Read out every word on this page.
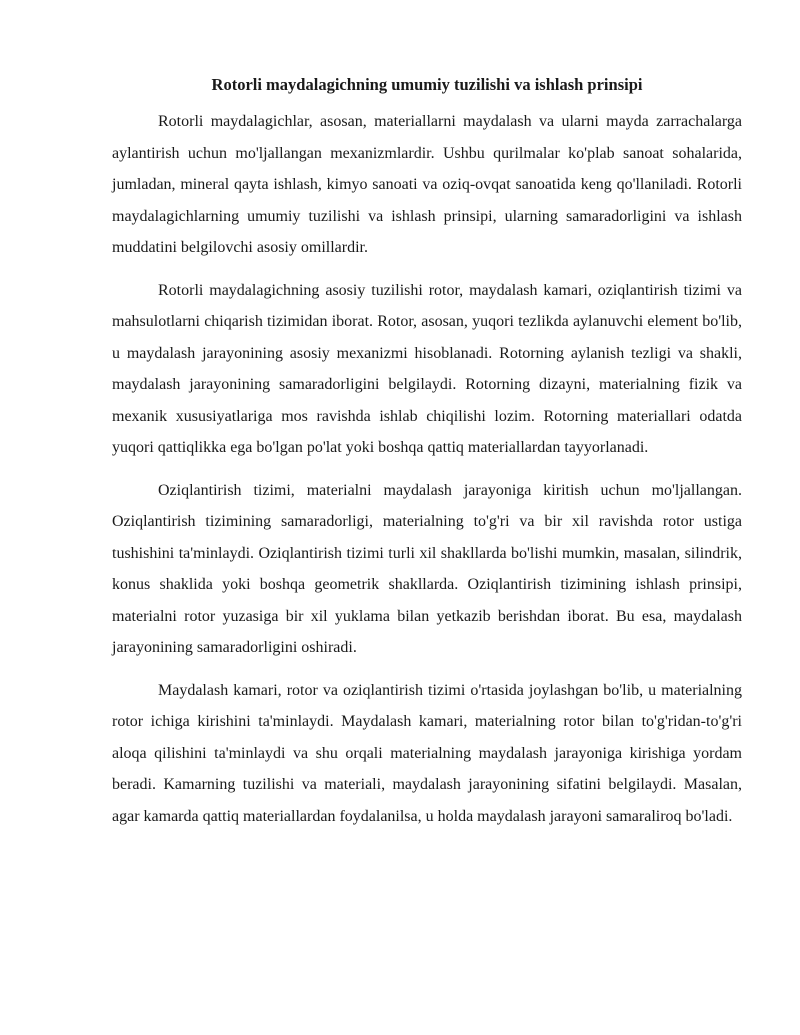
Rotorli maydalagichning umumiy tuzilishi va ishlash prinsipi

Rotorli maydalagichlar, asosan, materiallarni maydalash va ularni mayda zarrachalarga aylantirish uchun mo'ljallangan mexanizmlardir. Ushbu qurilmalar ko'plab sanoat sohalarida, jumladan, mineral qayta ishlash, kimyo sanoati va oziq-ovqat sanoatida keng qo'llaniladi. Rotorli maydalagichlarning umumiy tuzilishi va ishlash prinsipi, ularning samaradorligini va ishlash muddatini belgilovchi asosiy omillardir.

Rotorli maydalagichning asosiy tuzilishi rotor, maydalash kamari, oziqlantirish tizimi va mahsulotlarni chiqarish tizimidan iborat. Rotor, asosan, yuqori tezlikda aylanuvchi element bo'lib, u maydalash jarayonining asosiy mexanizmi hisoblanadi. Rotorning aylanish tezligi va shakli, maydalash jarayonining samaradorligini belgilaydi. Rotorning dizayni, materialning fizik va mexanik xususiyatlariga mos ravishda ishlab chiqilishi lozim. Rotorning materiallari odatda yuqori qattiqlikka ega bo'lgan po'lat yoki boshqa qattiq materiallardan tayyorlanadi.

Oziqlantirish tizimi, materialni maydalash jarayoniga kiritish uchun mo'ljallangan. Oziqlantirish tizimining samaradorligi, materialning to'g'ri va bir xil ravishda rotor ustiga tushishini ta'minlaydi. Oziqlantirish tizimi turli xil shakllarda bo'lishi mumkin, masalan, silindrik, konus shaklida yoki boshqa geometrik shakllarda. Oziqlantirish tizimining ishlash prinsipi, materialni rotor yuzasiga bir xil yuklama bilan yetkazib berishdan iborat. Bu esa, maydalash jarayonining samaradorligini oshiradi.

Maydalash kamari, rotor va oziqlantirish tizimi o'rtasida joylashgan bo'lib, u materialning rotor ichiga kirishini ta'minlaydi. Maydalash kamari, materialning rotor bilan to'g'ridan-to'g'ri aloqa qilishini ta'minlaydi va shu orqali materialning maydalash jarayoniga kirishiga yordam beradi. Kamarning tuzilishi va materiali, maydalash jarayonining sifatini belgilaydi. Masalan, agar kamarda qattiq materiallardan foydalanilsa, u holda maydalash jarayoni samaraliroq bo'ladi.
